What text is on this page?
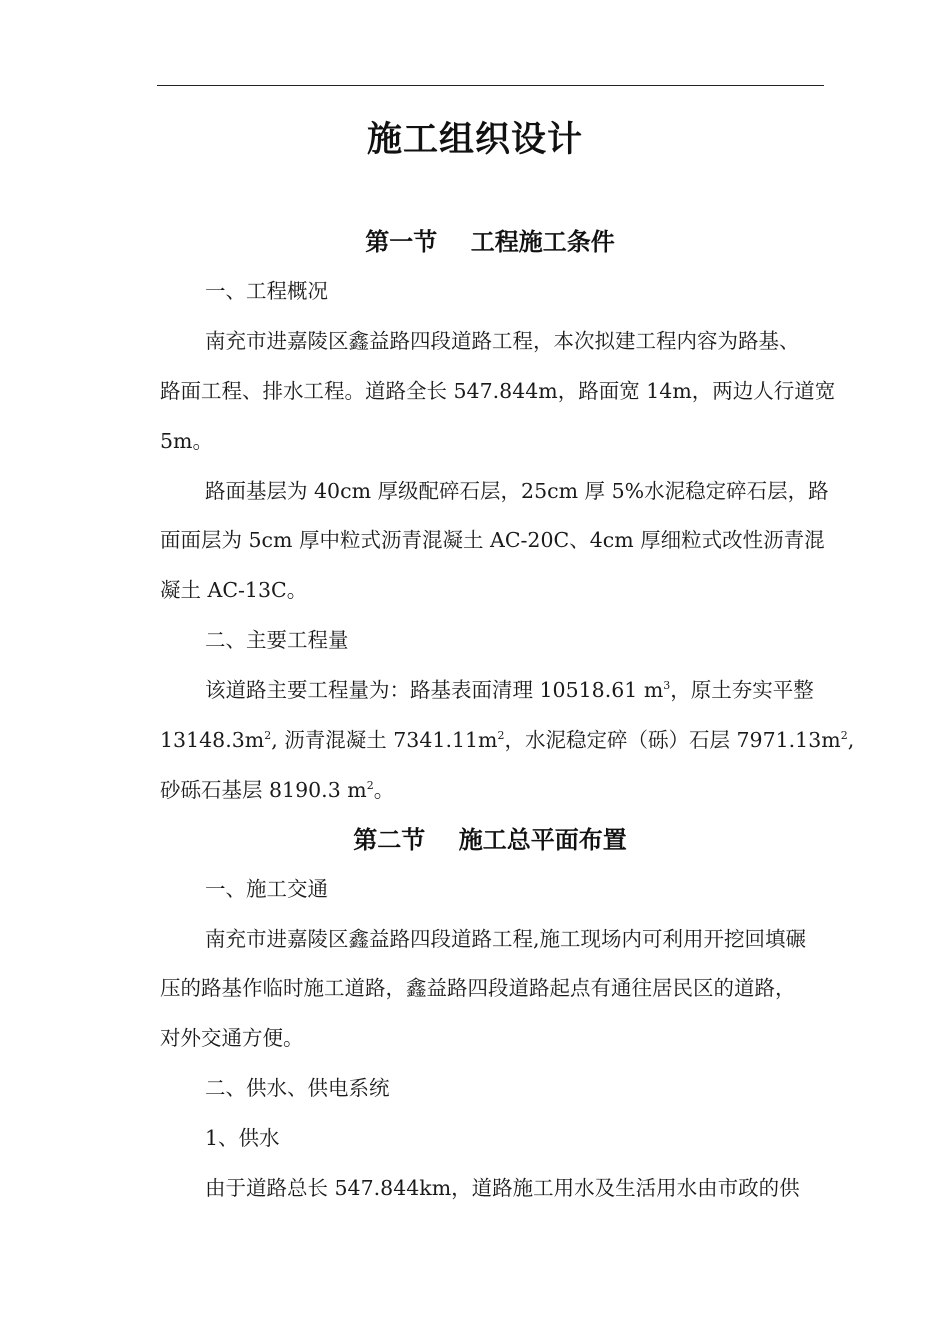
施工组织设计
第一节    工程施工条件
一、工程概况
南充市进嘉陵区鑫益路四段道路工程，本次拟建工程内容为路基、
路面工程、排水工程。道路全长 547.844m，路面宽 14m，两边人行道宽
5m。
路面基层为 40cm 厚级配碎石层，25cm 厚 5%水泥稳定碎石层，路
面面层为 5cm 厚中粒式沥青混凝土 AC-20C、4cm 厚细粒式改性沥青混
凝土 AC-13C。
二、主要工程量
该道路主要工程量为：路基表面清理 10518.61 $m^3$，原土夯实平整
$13148.3m^2$, 沥青混凝土 $7341.11m^2$，水泥稳定碎（砾）石层 $7971.13m^2$,
砂砾石基层 8190.3 $m^2$。
第二节    施工总平面布置
一、施工交通
南充市进嘉陵区鑫益路四段道路工程,施工现场内可利用开挖回填碾
压的路基作临时施工道路，鑫益路四段道路起点有通往居民区的道路，
对外交通方便。
二、供水、供电系统
1、供水
由于道路总长 547.844km，道路施工用水及生活用水由市政的供
